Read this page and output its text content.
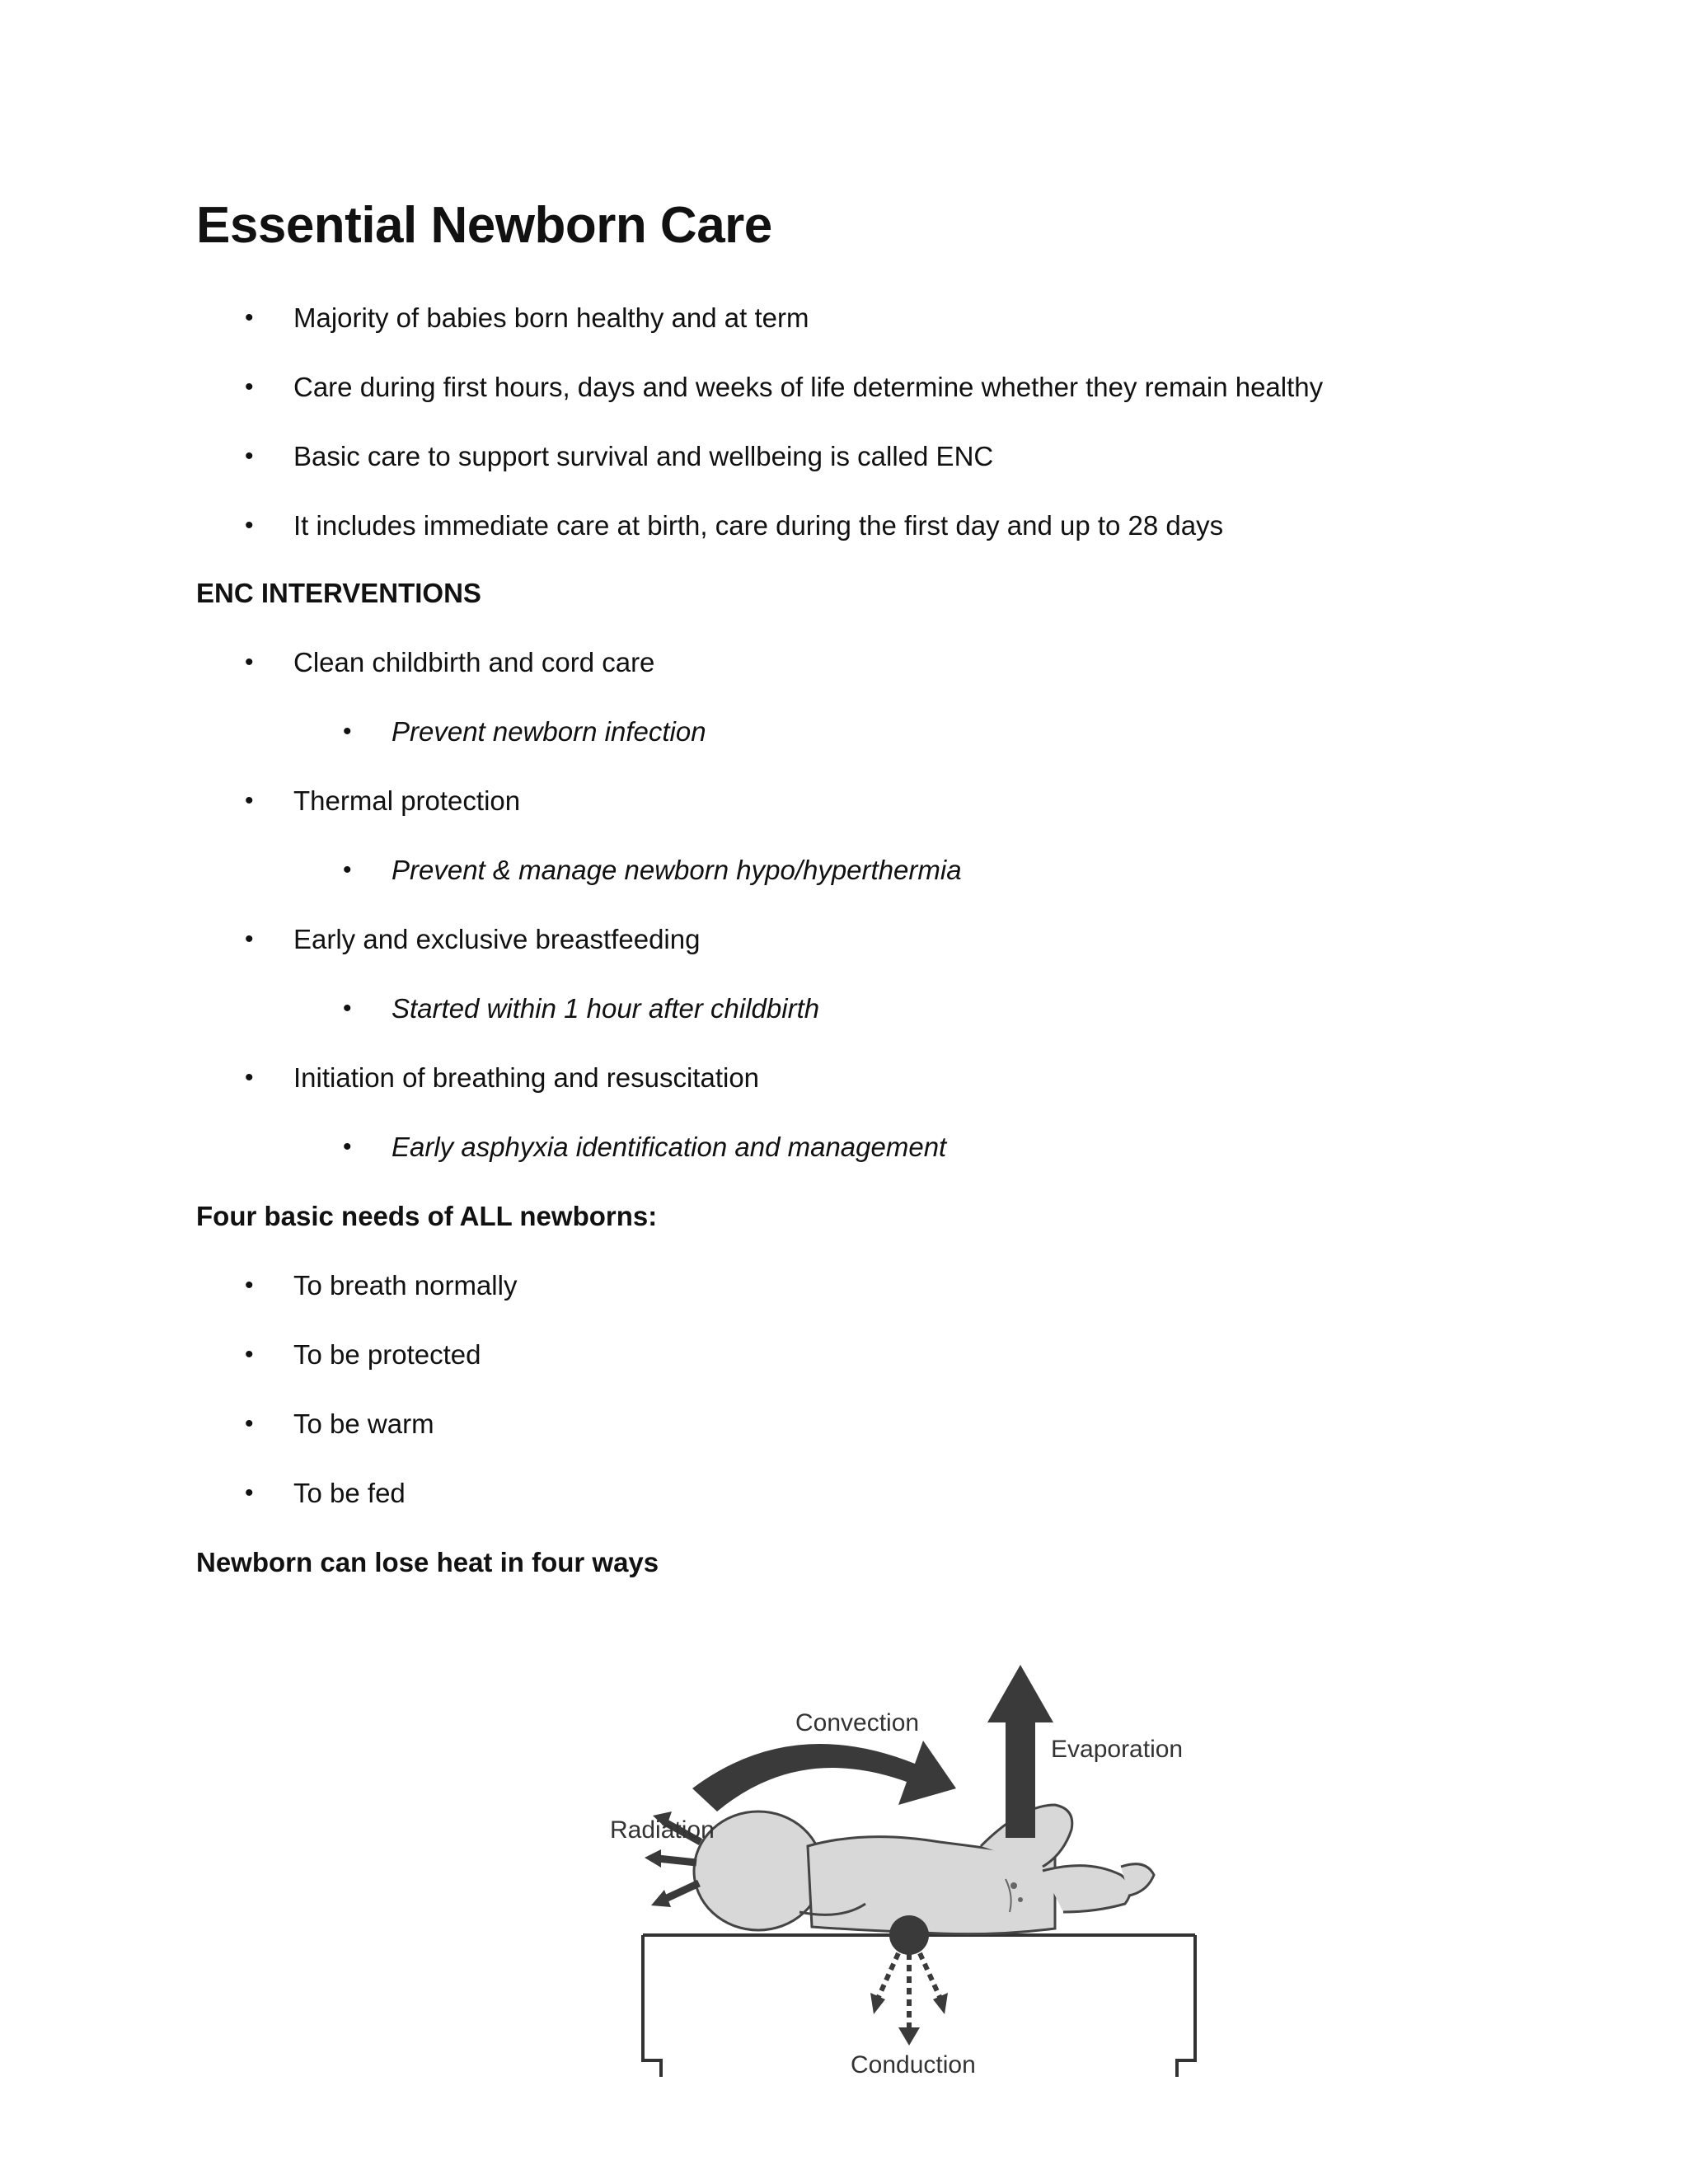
Essential Newborn Care
• Majority of babies born healthy and at term
• Care during first hours, days and weeks of life determine whether they remain healthy
• Basic care to support survival and wellbeing is called ENC
• It includes immediate care at birth, care during the first day and up to 28 days
ENC INTERVENTIONS
• Clean childbirth and cord care
• Prevent newborn infection
• Thermal protection
• Prevent & manage newborn hypo/hyperthermia
• Early and exclusive breastfeeding
• Started within 1 hour after childbirth
• Initiation of breathing and resuscitation
• Early asphyxia identification and management
Four basic needs of ALL newborns:
• To breath normally
• To be protected
• To be warm
• To be fed
Newborn can lose heat in four ways
Convection
Evaporation
Radiation
Conduction
